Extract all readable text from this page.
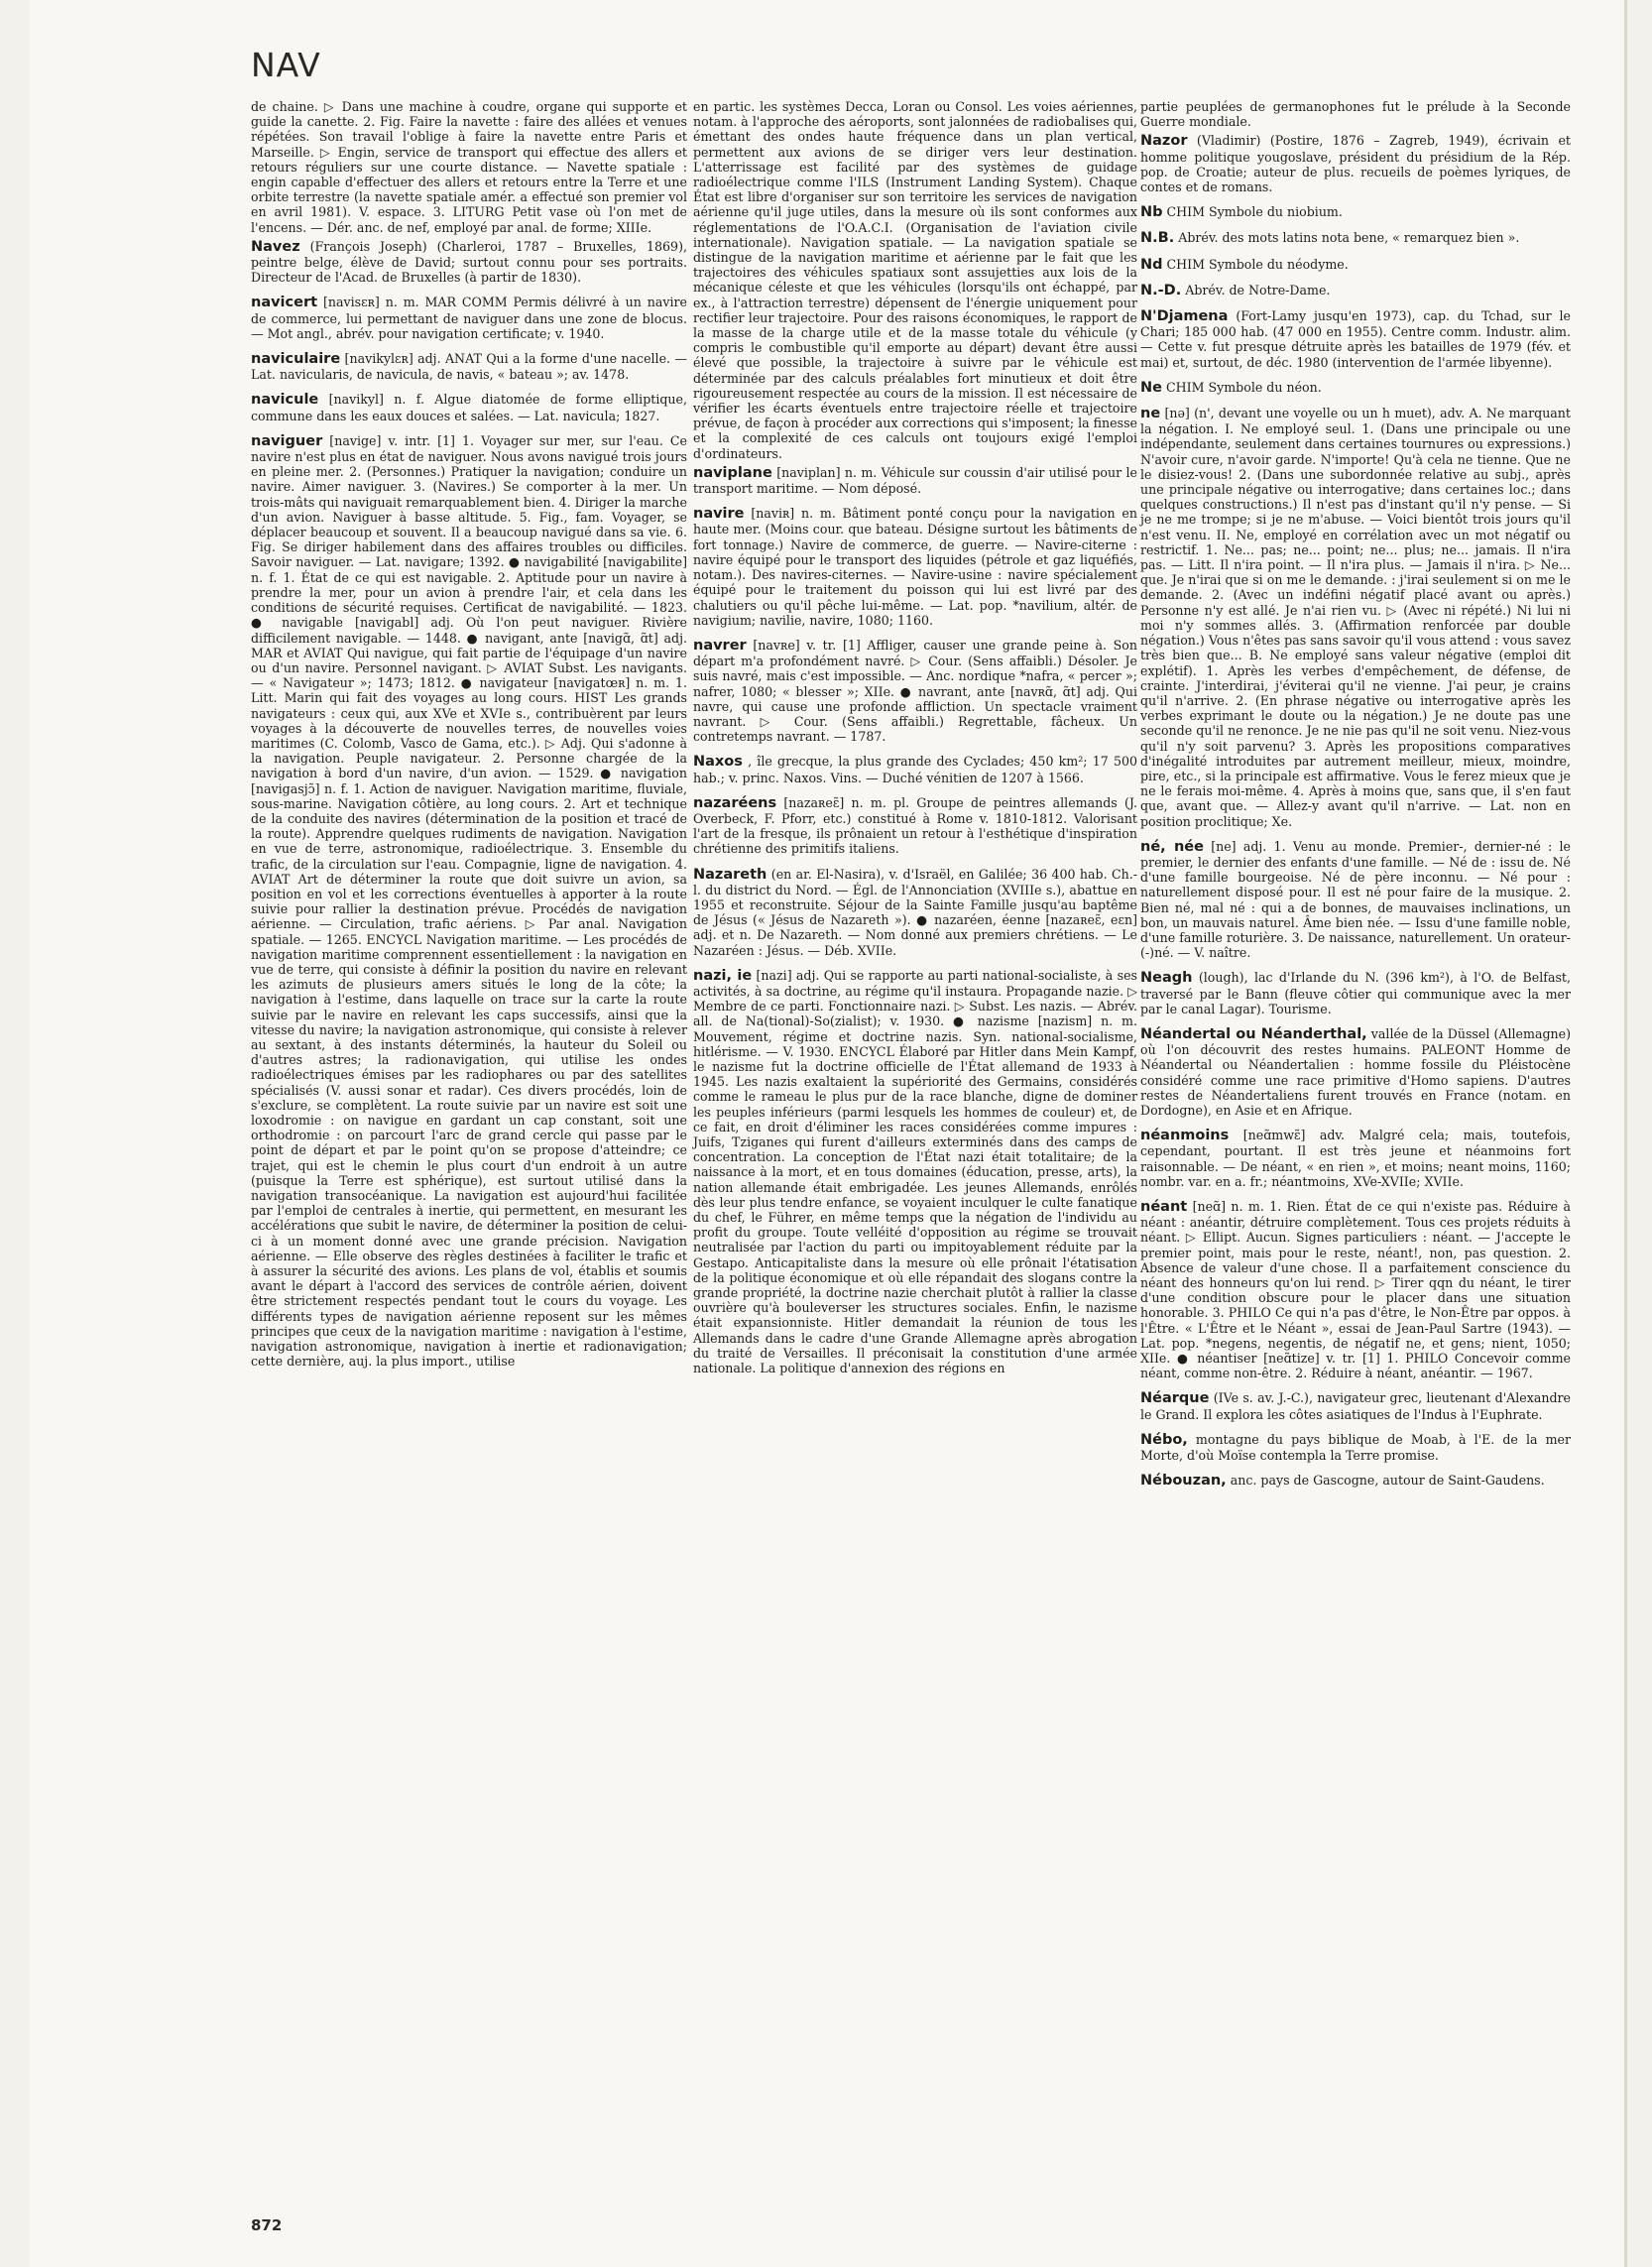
NAV

de chaine. ▷ Dans une machine à coudre, organe qui supporte et guide la canette. 2. Fig. Faire la navette : faire des allées et venues répétées. Son travail l'oblige à faire la navette entre Paris et Marseille. ▷ Engin, service de transport qui effectue des allers et retours réguliers sur une courte distance. — Navette spatiale : engin capable d'effectuer des allers et retours entre la Terre et une orbite terrestre (la navette spatiale amér. a effectué son premier vol en avril 1981). V. espace. 3. LITURG Petit vase où l'on met de l'encens. — Dér. anc. de nef, employé par anal. de forme; XIIIe.

Navez (François Joseph) (Charleroi, 1787 – Bruxelles, 1869), peintre belge, élève de David; surtout connu pour ses portraits. Directeur de l'Acad. de Bruxelles (à partir de 1830).

navicert [navisɛʀ] n. m. MAR COMM Permis délivré à un navire de commerce, lui permettant de naviguer dans une zone de blocus. — Mot angl., abrév. pour navigation certificate; v. 1940.

naviculaire [navikylɛʀ] adj. ANAT Qui a la forme d'une nacelle. — Lat. navicularis, de navicula, de navis, « bateau »; av. 1478.

navicule [navikyl] n. f. Algue diatomée de forme elliptique, commune dans les eaux douces et salées. — Lat. navicula; 1827.

naviguer [navige] v. intr. [1] 1. Voyager sur mer, sur l'eau. Ce navire n'est plus en état de naviguer. Nous avons navigué trois jours en pleine mer. 2. (Personnes.) Pratiquer la navigation; conduire un navire. Aimer naviguer. 3. (Navires.) Se comporter à la mer. Un trois-mâts qui naviguait remarquablement bien. 4. Diriger la marche d'un avion. Naviguer à basse altitude. 5. Fig., fam. Voyager, se déplacer beaucoup et souvent. Il a beaucoup navigué dans sa vie. 6. Fig. Se diriger habilement dans des affaires troubles ou difficiles. Savoir naviguer. — Lat. navigare; 1392. ● navigabilité [navigabilite] n. f. 1. État de ce qui est navigable. 2. Aptitude pour un navire à prendre la mer, pour un avion à prendre l'air, et cela dans les conditions de sécurité requises. Certificat de navigabilité. — 1823. ● navigable [navigabl] adj. Où l'on peut naviguer. Rivière difficilement navigable. — 1448. ● navigant, ante [navigɑ̃, ɑ̃t] adj. MAR et AVIAT Qui navigue, qui fait partie de l'équipage d'un navire ou d'un navire. Personnel navigant. ▷ AVIAT Subst. Les navigants. — « Navigateur »; 1473; 1812. ● navigateur [navigatœʀ] n. m. 1. Litt. Marin qui fait des voyages au long cours. HIST Les grands navigateurs : ceux qui, aux XVe et XVIe s., contribuèrent par leurs voyages à la découverte de nouvelles terres, de nouvelles voies maritimes (C. Colomb, Vasco de Gama, etc.). ▷ Adj. Qui s'adonne à la navigation. Peuple navigateur. 2. Personne chargée de la navigation à bord d'un navire, d'un avion. — 1529. ● navigation [navigasjɔ̃] n. f. 1. Action de naviguer. Navigation maritime, fluviale, sous-marine. Navigation côtière, au long cours. 2. Art et technique de la conduite des navires (détermination de la position et tracé de la route). Apprendre quelques rudiments de navigation. Navigation en vue de terre, astronomique, radioélectrique. 3. Ensemble du trafic, de la circulation sur l'eau. Compagnie, ligne de navigation. 4. AVIAT Art de déterminer la route que doit suivre un avion, sa position en vol et les corrections éventuelles à apporter à la route suivie pour rallier la destination prévue. Procédés de navigation aérienne. — Circulation, trafic aériens. ▷ Par anal. Navigation spatiale. — 1265. ENCYCL Navigation maritime. — Les procédés de navigation maritime comprennent essentiellement : la navigation en vue de terre, qui consiste à définir la position du navire en relevant les azimuts de plusieurs amers situés le long de la côte; la navigation à l'estime, dans laquelle on trace sur la carte la route suivie par le navire en relevant les caps successifs, ainsi que la vitesse du navire; la navigation astronomique, qui consiste à relever au sextant, à des instants déterminés, la hauteur du Soleil ou d'autres astres; la radionavigation, qui utilise les ondes radioélectriques émises par les radiophares ou par des satellites spécialisés (V. aussi sonar et radar). Ces divers procédés, loin de s'exclure, se complètent. La route suivie par un navire est soit une loxodromie : on navigue en gardant un cap constant, soit une orthodromie : on parcourt l'arc de grand cercle qui passe par le point de départ et par le point qu'on se propose d'atteindre; ce trajet, qui est le chemin le plus court d'un endroit à un autre (puisque la Terre est sphérique), est surtout utilisé dans la navigation transocéanique. La navigation est aujourd'hui facilitée par l'emploi de centrales à inertie, qui permettent, en mesurant les accélérations que subit le navire, de déterminer la position de celui-ci à un moment donné avec une grande précision. Navigation aérienne. — Elle observe des règles destinées à faciliter le trafic et à assurer la sécurité des avions. Les plans de vol, établis et soumis avant le départ à l'accord des services de contrôle aérien, doivent être strictement respectés pendant tout le cours du voyage. Les différents types de navigation aérienne reposent sur les mêmes principes que ceux de la navigation maritime : navigation à l'estime, navigation astronomique, navigation à inertie et radionavigation; cette dernière, auj. la plus import., utilise

en partic. les systèmes Decca, Loran ou Consol. Les voies aériennes, notam. à l'approche des aéroports, sont jalonnées de radiobalises qui, émettant des ondes haute fréquence dans un plan vertical, permettent aux avions de se diriger vers leur destination. L'atterrissage est facilité par des systèmes de guidage radioélectrique comme l'ILS (Instrument Landing System). Chaque État est libre d'organiser sur son territoire les services de navigation aérienne qu'il juge utiles, dans la mesure où ils sont conformes aux réglementations de l'O.A.C.I. (Organisation de l'aviation civile internationale). Navigation spatiale. — La navigation spatiale se distingue de la navigation maritime et aérienne par le fait que les trajectoires des véhicules spatiaux sont assujetties aux lois de la mécanique céleste et que les véhicules (lorsqu'ils ont échappé, par ex., à l'attraction terrestre) dépensent de l'énergie uniquement pour rectifier leur trajectoire. Pour des raisons économiques, le rapport de la masse de la charge utile et de la masse totale du véhicule (y compris le combustible qu'il emporte au départ) devant être aussi élevé que possible, la trajectoire à suivre par le véhicule est déterminée par des calculs préalables fort minutieux et doit être rigoureusement respectée au cours de la mission. Il est nécessaire de vérifier les écarts éventuels entre trajectoire réelle et trajectoire prévue, de façon à procéder aux corrections qui s'imposent; la finesse et la complexité de ces calculs ont toujours exigé l'emploi d'ordinateurs.

naviplane [naviplan] n. m. Véhicule sur coussin d'air utilisé pour le transport maritime. — Nom déposé.

navire [naviʀ] n. m. Bâtiment ponté conçu pour la navigation en haute mer. (Moins cour. que bateau. Désigne surtout les bâtiments de fort tonnage.) Navire de commerce, de guerre. — Navire-citerne : navire équipé pour le transport des liquides (pétrole et gaz liquéfiés, notam.). Des navires-citernes. — Navire-usine : navire spécialement équipé pour le traitement du poisson qui lui est livré par des chalutiers ou qu'il pêche lui-même. — Lat. pop. *navilium, altér. de navigium; navilie, navire, 1080; 1160.

navrer [navʀe] v. tr. [1] Affliger, causer une grande peine à. Son départ m'a profondément navré. ▷ Cour. (Sens affaibli.) Désoler. Je suis navré, mais c'est impossible. — Anc. nordique *nafra, « percer »; nafrer, 1080; « blesser »; XIIe. ● navrant, ante [navʀɑ̃, ɑ̃t] adj. Qui navre, qui cause une profonde affliction. Un spectacle vraiment navrant. ▷ Cour. (Sens affaibli.) Regrettable, fâcheux. Un contretemps navrant. — 1787.

Naxos , île grecque, la plus grande des Cyclades; 450 km²; 17 500 hab.; v. princ. Naxos. Vins. — Duché vénitien de 1207 à 1566.

nazaréens [nazaʀeɛ̃] n. m. pl. Groupe de peintres allemands (J. Overbeck, F. Pforr, etc.) constitué à Rome v. 1810-1812. Valorisant l'art de la fresque, ils prônaient un retour à l'esthétique d'inspiration chrétienne des primitifs italiens.

Nazareth (en ar. El-Nasira), v. d'Israël, en Galilée; 36 400 hab. Ch.-l. du district du Nord. — Égl. de l'Annonciation (XVIIIe s.), abattue en 1955 et reconstruite. Séjour de la Sainte Famille jusqu'au baptême de Jésus (« Jésus de Nazareth »). ● nazaréen, éenne [nazaʀeɛ̃, eɛn] adj. et n. De Nazareth. — Nom donné aux premiers chrétiens. — Le Nazaréen : Jésus. — Déb. XVIIe.

nazi, ie [nazi] adj. Qui se rapporte au parti national-socialiste, à ses activités, à sa doctrine, au régime qu'il instaura. Propagande nazie. ▷ Membre de ce parti. Fonctionnaire nazi. ▷ Subst. Les nazis. — Abrév. all. de Na(tional)-So(zialist); v. 1930. ● nazisme [nazism] n. m. Mouvement, régime et doctrine nazis. Syn. national-socialisme, hitlérisme. — V. 1930. ENCYCL Élaboré par Hitler dans Mein Kampf, le nazisme fut la doctrine officielle de l'État allemand de 1933 à 1945. Les nazis exaltaient la supériorité des Germains, considérés comme le rameau le plus pur de la race blanche, digne de dominer les peuples inférieurs (parmi lesquels les hommes de couleur) et, de ce fait, en droit d'éliminer les races considérées comme impures : Juifs, Tziganes qui furent d'ailleurs exterminés dans des camps de concentration. La conception de l'État nazi était totalitaire; de la naissance à la mort, et en tous domaines (éducation, presse, arts), la nation allemande était embrigadée. Les jeunes Allemands, enrôlés dès leur plus tendre enfance, se voyaient inculquer le culte fanatique du chef, le Führer, en même temps que la négation de l'individu au profit du groupe. Toute velléité d'opposition au régime se trouvait neutralisée par l'action du parti ou impitoyablement réduite par la Gestapo. Anticapitaliste dans la mesure où elle prônait l'étatisation de la politique économique et où elle répandait des slogans contre la grande propriété, la doctrine nazie cherchait plutôt à rallier la classe ouvrière qu'à bouleverser les structures sociales. Enfin, le nazisme était expansionniste. Hitler demandait la réunion de tous les Allemands dans le cadre d'une Grande Allemagne après abrogation du traité de Versailles. Il préconisait la constitution d'une armée nationale. La politique d'annexion des régions en

partie peuplées de germanophones fut le prélude à la Seconde Guerre mondiale.

Nazor (Vladimir) (Postire, 1876 – Zagreb, 1949), écrivain et homme politique yougoslave, président du présidium de la Rép. pop. de Croatie; auteur de plus. recueils de poèmes lyriques, de contes et de romans.

Nb CHIM Symbole du niobium.

N.B. Abrév. des mots latins nota bene, « remarquez bien ».

Nd CHIM Symbole du néodyme.

N.-D. Abrév. de Notre-Dame.

N'Djamena (Fort-Lamy jusqu'en 1973), cap. du Tchad, sur le Chari; 185 000 hab. (47 000 en 1955). Centre comm. Industr. alim. — Cette v. fut presque détruite après les batailles de 1979 (fév. et mai) et, surtout, de déc. 1980 (intervention de l'armée libyenne).

Ne CHIM Symbole du néon.

ne [nə] (n', devant une voyelle ou un h muet), adv. A. Ne marquant la négation. I. Ne employé seul. 1. (Dans une principale ou une indépendante, seulement dans certaines tournures ou expressions.) N'avoir cure, n'avoir garde. N'importe! Qu'à cela ne tienne. Que ne le disiez-vous! 2. (Dans une subordonnée relative au subj., après une principale négative ou interrogative; dans certaines loc.; dans quelques constructions.) Il n'est pas d'instant qu'il n'y pense. — Si je ne me trompe; si je ne m'abuse. — Voici bientôt trois jours qu'il n'est venu. II. Ne, employé en corrélation avec un mot négatif ou restrictif. 1. Ne... pas; ne... point; ne... plus; ne... jamais. Il n'ira pas. — Litt. Il n'ira point. — Il n'ira plus. — Jamais il n'ira. ▷ Ne... que. Je n'irai que si on me le demande. : j'irai seulement si on me le demande. 2. (Avec un indéfini négatif placé avant ou après.) Personne n'y est allé. Je n'ai rien vu. ▷ (Avec ni répété.) Ni lui ni moi n'y sommes allés. 3. (Affirmation renforcée par double négation.) Vous n'êtes pas sans savoir qu'il vous attend : vous savez très bien que... B. Ne employé sans valeur négative (emploi dit explétif). 1. Après les verbes d'empêchement, de défense, de crainte. J'interdirai, j'éviterai qu'il ne vienne. J'ai peur, je crains qu'il n'arrive. 2. (En phrase négative ou interrogative après les verbes exprimant le doute ou la négation.) Je ne doute pas une seconde qu'il ne renonce. Je ne nie pas qu'il ne soit venu. Niez-vous qu'il n'y soit parvenu? 3. Après les propositions comparatives d'inégalité introduites par autrement meilleur, mieux, moindre, pire, etc., si la principale est affirmative. Vous le ferez mieux que je ne le ferais moi-même. 4. Après à moins que, sans que, il s'en faut que, avant que. — Allez-y avant qu'il n'arrive. — Lat. non en position proclitique; Xe.

né, née [ne] adj. 1. Venu au monde. Premier-, dernier-né : le premier, le dernier des enfants d'une famille. — Né de : issu de. Né d'une famille bourgeoise. Né de père inconnu. — Né pour : naturellement disposé pour. Il est né pour faire de la musique. 2. Bien né, mal né : qui a de bonnes, de mauvaises inclinations, un bon, un mauvais naturel. Âme bien née. — Issu d'une famille noble, d'une famille roturière. 3. De naissance, naturellement. Un orateur-(-)né. — V. naître.

Neagh (lough), lac d'Irlande du N. (396 km²), à l'O. de Belfast, traversé par le Bann (fleuve côtier qui communique avec la mer par le canal Lagar). Tourisme.

Néandertal ou Néanderthal, vallée de la Düssel (Allemagne) où l'on découvrit des restes humains. PALEONT Homme de Néandertal ou Néandertalien : homme fossile du Pléistocène considéré comme une race primitive d'Homo sapiens. D'autres restes de Néandertaliens furent trouvés en France (notam. en Dordogne), en Asie et en Afrique.

néanmoins [neɑ̃mwɛ̃] adv. Malgré cela; mais, toutefois, cependant, pourtant. Il est très jeune et néanmoins fort raisonnable. — De néant, « en rien », et moins; neant moins, 1160; nombr. var. en a. fr.; néantmoins, XVe-XVIIe; XVIIe.

néant [neɑ̃] n. m. 1. Rien. État de ce qui n'existe pas. Réduire à néant : anéantir, détruire complètement. Tous ces projets réduits à néant. ▷ Ellipt. Aucun. Signes particuliers : néant. — J'accepte le premier point, mais pour le reste, néant!, non, pas question. 2. Absence de valeur d'une chose. Il a parfaitement conscience du néant des honneurs qu'on lui rend. ▷ Tirer qqn du néant, le tirer d'une condition obscure pour le placer dans une situation honorable. 3. PHILO Ce qui n'a pas d'être, le Non-Être par oppos. à l'Être. « L'Être et le Néant », essai de Jean-Paul Sartre (1943). — Lat. pop. *negens, negentis, de négatif ne, et gens; nient, 1050; XIIe. ● néantiser [neɑ̃tize] v. tr. [1] 1. PHILO Concevoir comme néant, comme non-être. 2. Réduire à néant, anéantir. — 1967.

Néarque (IVe s. av. J.-C.), navigateur grec, lieutenant d'Alexandre le Grand. Il explora les côtes asiatiques de l'Indus à l'Euphrate.

Nébo, montagne du pays biblique de Moab, à l'E. de la mer Morte, d'où Moïse contempla la Terre promise.

Nébouzan, anc. pays de Gascogne, autour de Saint-Gaudens.

872
